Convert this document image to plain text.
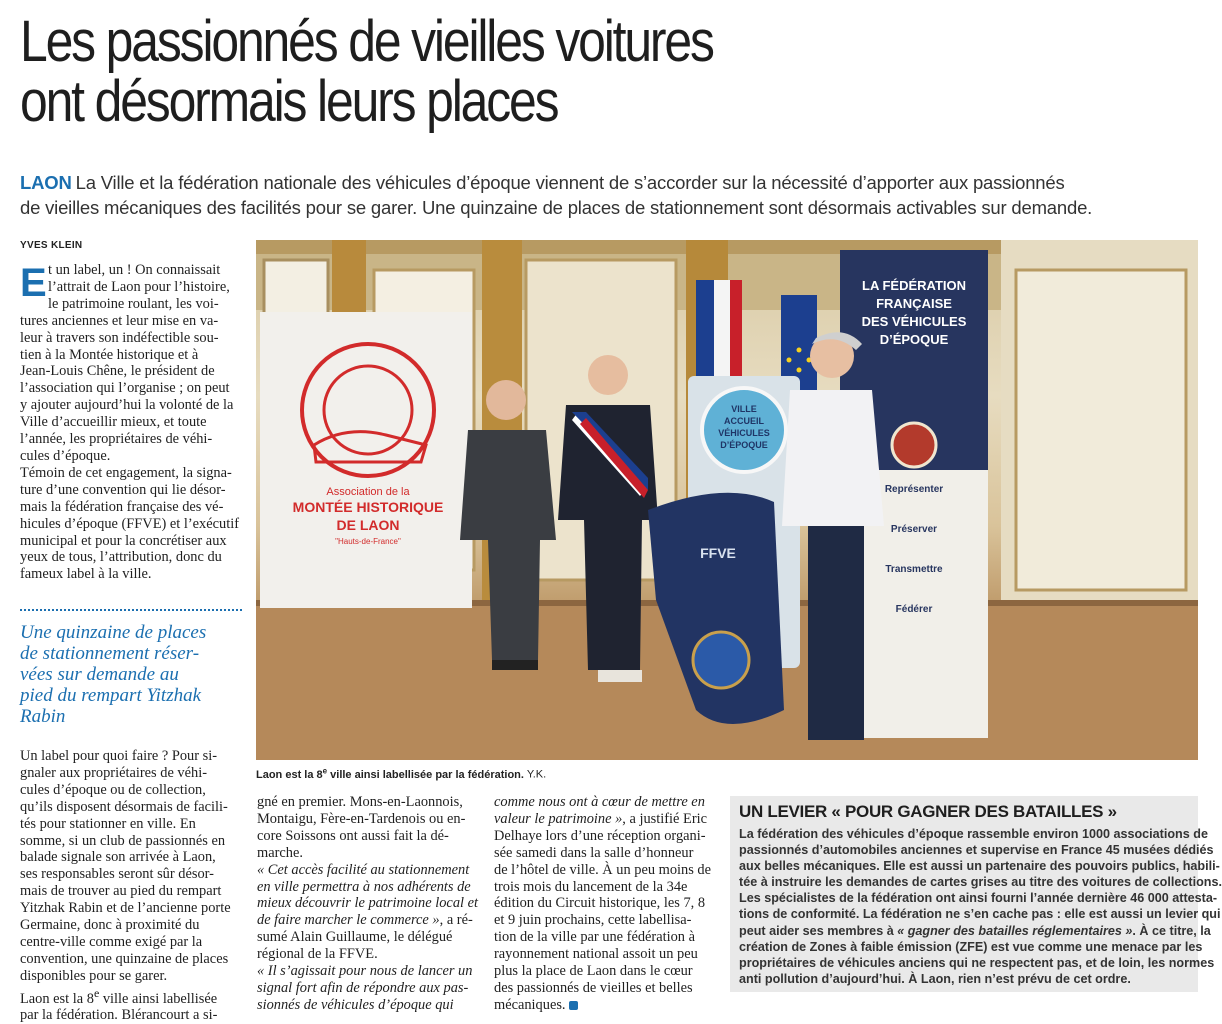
Les passionnés de vieilles voitures
ont désormais leurs places
LAON La Ville et la fédération nationale des véhicules d’époque viennent de s’accorder sur la nécessité d’apporter aux passionnés
de vieilles mécaniques des facilités pour se garer. Une quinzaine de places de stationnement sont désormais activables sur demande.
YVES KLEIN
E t un label, un ! On connaissait
l’attrait de Laon pour l’histoire,
le patrimoine roulant, les voi-
tures anciennes et leur mise en va-
leur à travers son indéfectible sou-
tien à la Montée historique et à
Jean-Louis Chêne, le président de
l’association qui l’organise ; on peut
y ajouter aujourd’hui la volonté de la
Ville d’accueillir mieux, et toute
l’année, les propriétaires de véhi-
cules d’époque.
Témoin de cet engagement, la signa-
ture d’une convention qui lie désor-
mais la fédération française des vé-
hicules d’époque (FFVE) et l’exécutif
municipal et pour la concrétiser aux
yeux de tous, l’attribution, donc du
fameux label à la ville.
Une quinzaine de places
de stationnement réser-
vées sur demande au
pied du rempart Yitzhak
Rabin
Un label pour quoi faire ? Pour si-
gnaler aux propriétaires de véhi-
cules d’époque ou de collection,
qu’ils disposent désormais de facili-
tés pour stationner en ville. En
somme, si un club de passionnés en
balade signale son arrivée à Laon,
ses responsables seront sûr désor-
mais de trouver au pied du rempart
Yitzhak Rabin et de l’ancienne porte
Germaine, donc à proximité du
centre-ville comme exigé par la
convention, une quinzaine de places
disponibles pour se garer.
Laon est la 8e ville ainsi labellisée
par la fédération. Blérancourt a si-
gné en premier. Mons-en-Laonnois,
Montaigu, Fère-en-Tardenois ou en-
core Soissons ont aussi fait la dé-
marche.
« Cet accès facilité au stationnement
en ville permettra à nos adhérents de
mieux découvrir le patrimoine local et
de faire marcher le commerce », a ré-
sumé Alain Guillaume, le délégué
régional de la FFVE.
« Il s’agissait pour nous de lancer un
signal fort afin de répondre aux pas-
sionnés de véhicules d’époque qui
comme nous ont à cœur de mettre en
valeur le patrimoine », a justifié Eric
Delhaye lors d’une réception organi-
sée samedi dans la salle d’honneur
de l’hôtel de ville. À un peu moins de
trois mois du lancement de la 34e
édition du Circuit historique, les 7, 8
et 9 juin prochains, cette labellisa-
tion de la ville par une fédération à
rayonnement national assoit un peu
plus la place de Laon dans le cœur
des passionnés de vieilles et belles
mécaniques.
Association de la
MONTÉE HISTORIQUE
DE LAON
"Hauts-de-France"
VILLE
ACCUEIL
VÉHICULES
D’ÉPOQUE
LA FÉDÉRATION
FRANÇAISE
DES VÉHICULES
D’ÉPOQUE
Représenter
Préserver
Transmettre
Fédérer
FFVE
Laon est la 8e ville ainsi labellisée par la fédération. Y.K.
UN LEVIER « POUR GAGNER DES BATAILLES »
La fédération des véhicules d’époque rassemble environ 1000 associations de
passionnés d’automobiles anciennes et supervise en France 45 musées dédiés
aux belles mécaniques. Elle est aussi un partenaire des pouvoirs publics, habili-
tée à instruire les demandes de cartes grises au titre des voitures de collections.
Les spécialistes de la fédération ont ainsi fourni l’année dernière 46 000 attesta-
tions de conformité. La fédération ne s’en cache pas : elle est aussi un levier qui
peut aider ses membres à « gagner des batailles réglementaires ». À ce titre, la
création de Zones à faible émission (ZFE) est vue comme une menace par les
propriétaires de véhicules anciens qui ne respectent pas, et de loin, les normes
anti pollution d’aujourd’hui. À Laon, rien n’est prévu de cet ordre.
